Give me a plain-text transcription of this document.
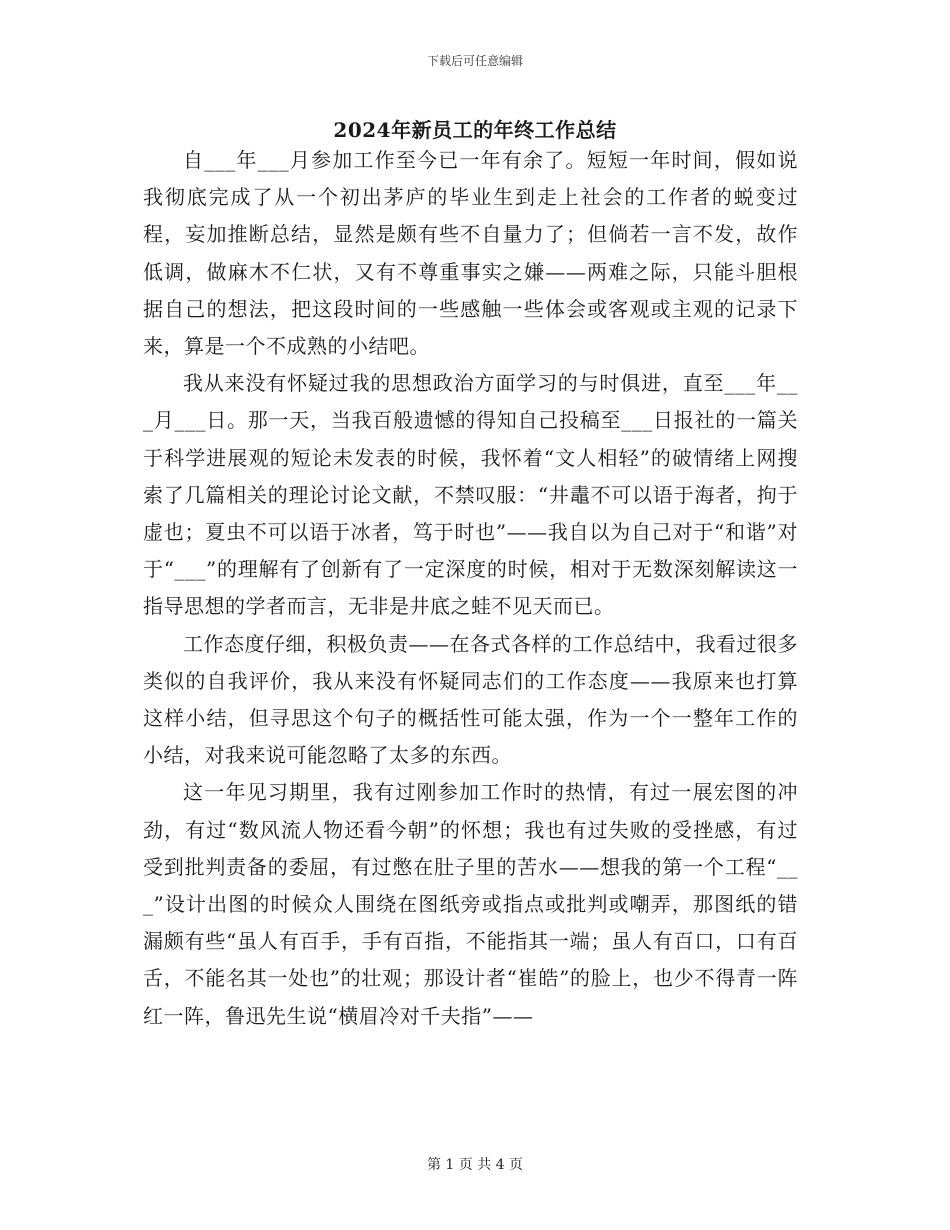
下载后可任意编辑
2024年新员工的年终工作总结

自___年___月参加工作至今已一年有余了。短短一年时间，假如说我彻底完成了从一个初出茅庐的毕业生到走上社会的工作者的蜕变过程，妄加推断总结，显然是颇有些不自量力了；但倘若一言不发，故作低调，做麻木不仁状，又有不尊重事实之嫌——两难之际，只能斗胆根据自己的想法，把这段时间的一些感触一些体会或客观或主观的记录下来，算是一个不成熟的小结吧。

我从来没有怀疑过我的思想政治方面学习的与时俱进，直至___年___月___日。那一天，当我百般遗憾的得知自己投稿至___日报社的一篇关于科学进展观的短论未发表的时候，我怀着“文人相轻”的破情绪上网搜索了几篇相关的理论讨论文献，不禁叹服：“井鼃不可以语于海者，拘于虚也；夏虫不可以语于冰者，笃于时也”——我自以为自己对于“和谐”对于“___”的理解有了创新有了一定深度的时候，相对于无数深刻解读这一指导思想的学者而言，无非是井底之蛙不见天而已。

工作态度仔细，积极负责——在各式各样的工作总结中，我看过很多类似的自我评价，我从来没有怀疑同志们的工作态度——我原来也打算这样小结，但寻思这个句子的概括性可能太强，作为一个一整年工作的小结，对我来说可能忽略了太多的东西。

这一年见习期里，我有过刚参加工作时的热情，有过一展宏图的冲劲，有过“数风流人物还看今朝”的怀想；我也有过失败的受挫感，有过受到批判责备的委屈，有过憋在肚子里的苦水——想我的第一个工程“___”设计出图的时候众人围绕在图纸旁或指点或批判或嘲弄，那图纸的错漏颇有些“虽人有百手，手有百指，不能指其一端；虽人有百口，口有百舌，不能名其一处也”的壮观；那设计者“崔皓”的脸上，也少不得青一阵红一阵，鲁迅先生说“横眉冷对千夫指”——

第 1 页 共 4 页
